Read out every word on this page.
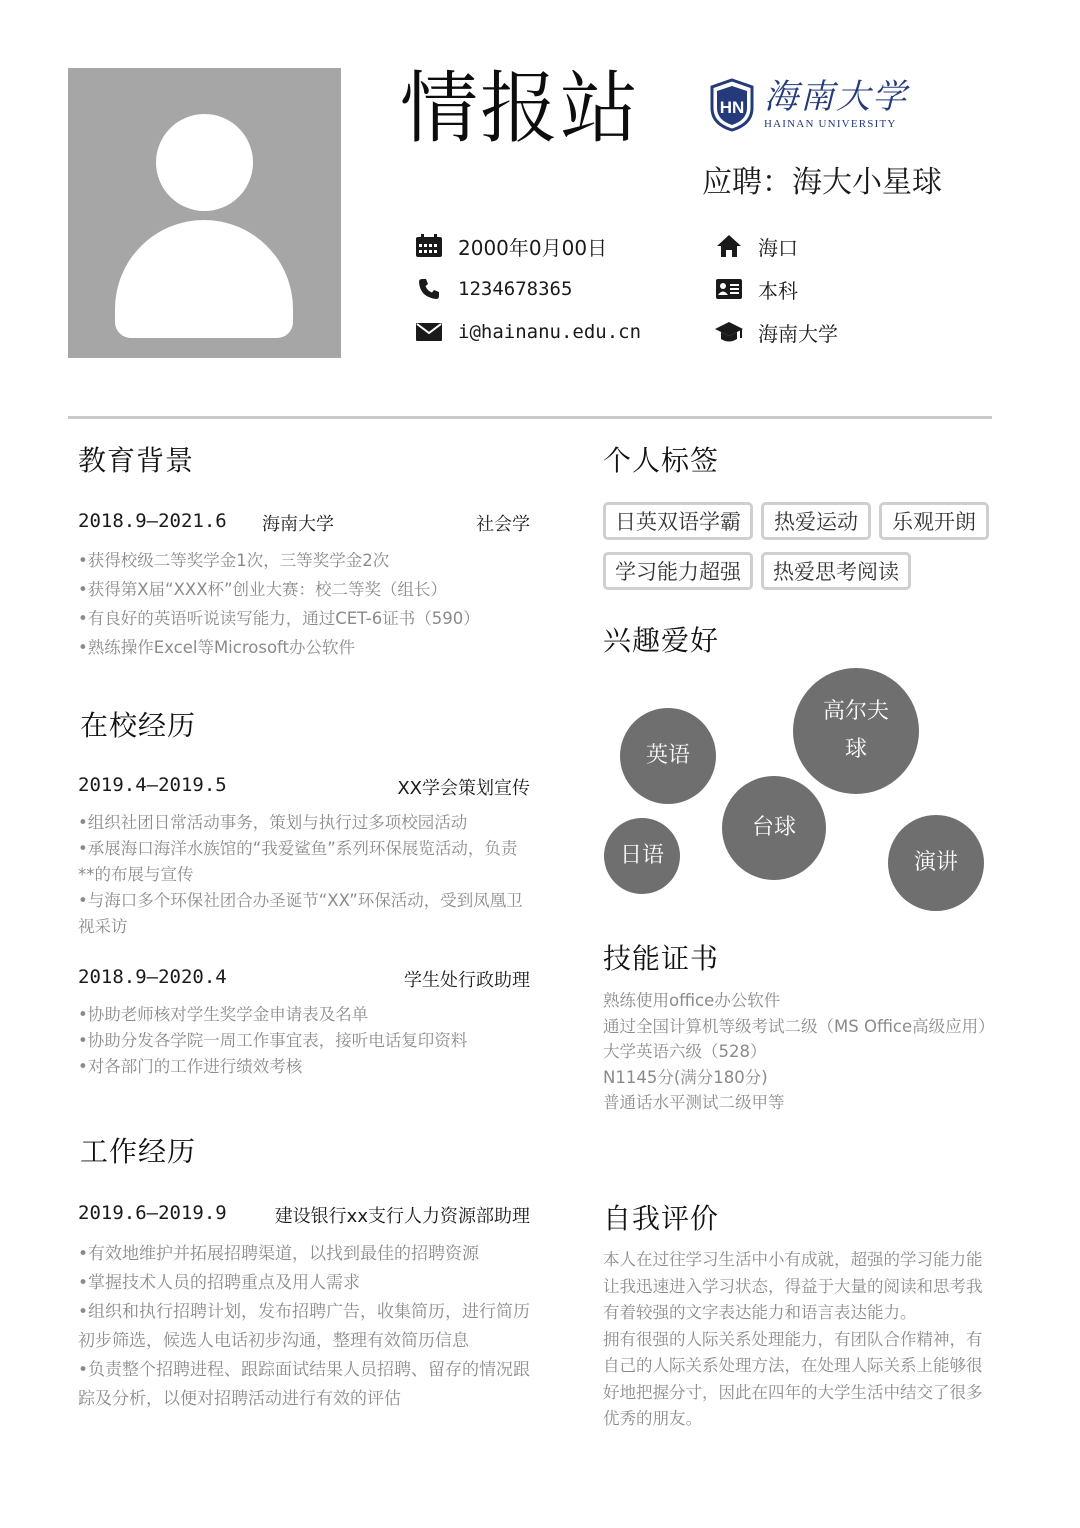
情报站	HN 海南大学
HAINAN UNIVERSITY
应聘：海大小星球
2000年0月00日
1234678365
i@hainanu.edu.cn
海口
本科
海南大学
教育背景
2018.9—2021.6 海南大学	社会学
•获得校级二等奖学金1次，三等奖学金2次
•获得第X届“XXX杯”创业大赛：校二等奖（组长）
•有良好的英语听说读写能力，通过CET-6证书（590）
•熟练操作Excel等Microsoft办公软件
在校经历
2019.4—2019.5	XX学会策划宣传
•组织社团日常活动事务，策划与执行过多项校园活动
•承展海口海洋水族馆的“我爱鲨鱼”系列环保展览活动，负责**的布展与宣传
•与海口多个环保社团合办圣诞节“XX”环保活动，受到凤凰卫视采访
2018.9—2020.4	学生处行政助理
•协助老师核对学生奖学金申请表及名单
•协助分发各学院一周工作事宜表，接听电话复印资料
•对各部门的工作进行绩效考核
工作经历
2019.6—2019.9	建设银行xx支行人力资源部助理
•有效地维护并拓展招聘渠道，以找到最佳的招聘资源
•掌握技术人员的招聘重点及用人需求
•组织和执行招聘计划，发布招聘广告，收集简历，进行简历初步筛选，候选人电话初步沟通，整理有效简历信息
•负责整个招聘进程、跟踪面试结果人员招聘、留存的情况跟踪及分析，以便对招聘活动进行有效的评估
个人标签
日英双语学霸	热爱运动	乐观开朗
学习能力超强	热爱思考阅读
兴趣爱好
英语
高尔夫球
台球
日语	演讲
技能证书
熟练使用office办公软件
通过全国计算机等级考试二级（MS Office高级应用）
大学英语六级（528）
N1145分(满分180分)
普通话水平测试二级甲等
自我评价
本人在过往学习生活中小有成就，超强的学习能力能让我迅速进入学习状态，得益于大量的阅读和思考我有着较强的文字表达能力和语言表达能力。
拥有很强的人际关系处理能力，有团队合作精神，有自己的人际关系处理方法，在处理人际关系上能够很好地把握分寸，因此在四年的大学生活中结交了很多优秀的朋友。
